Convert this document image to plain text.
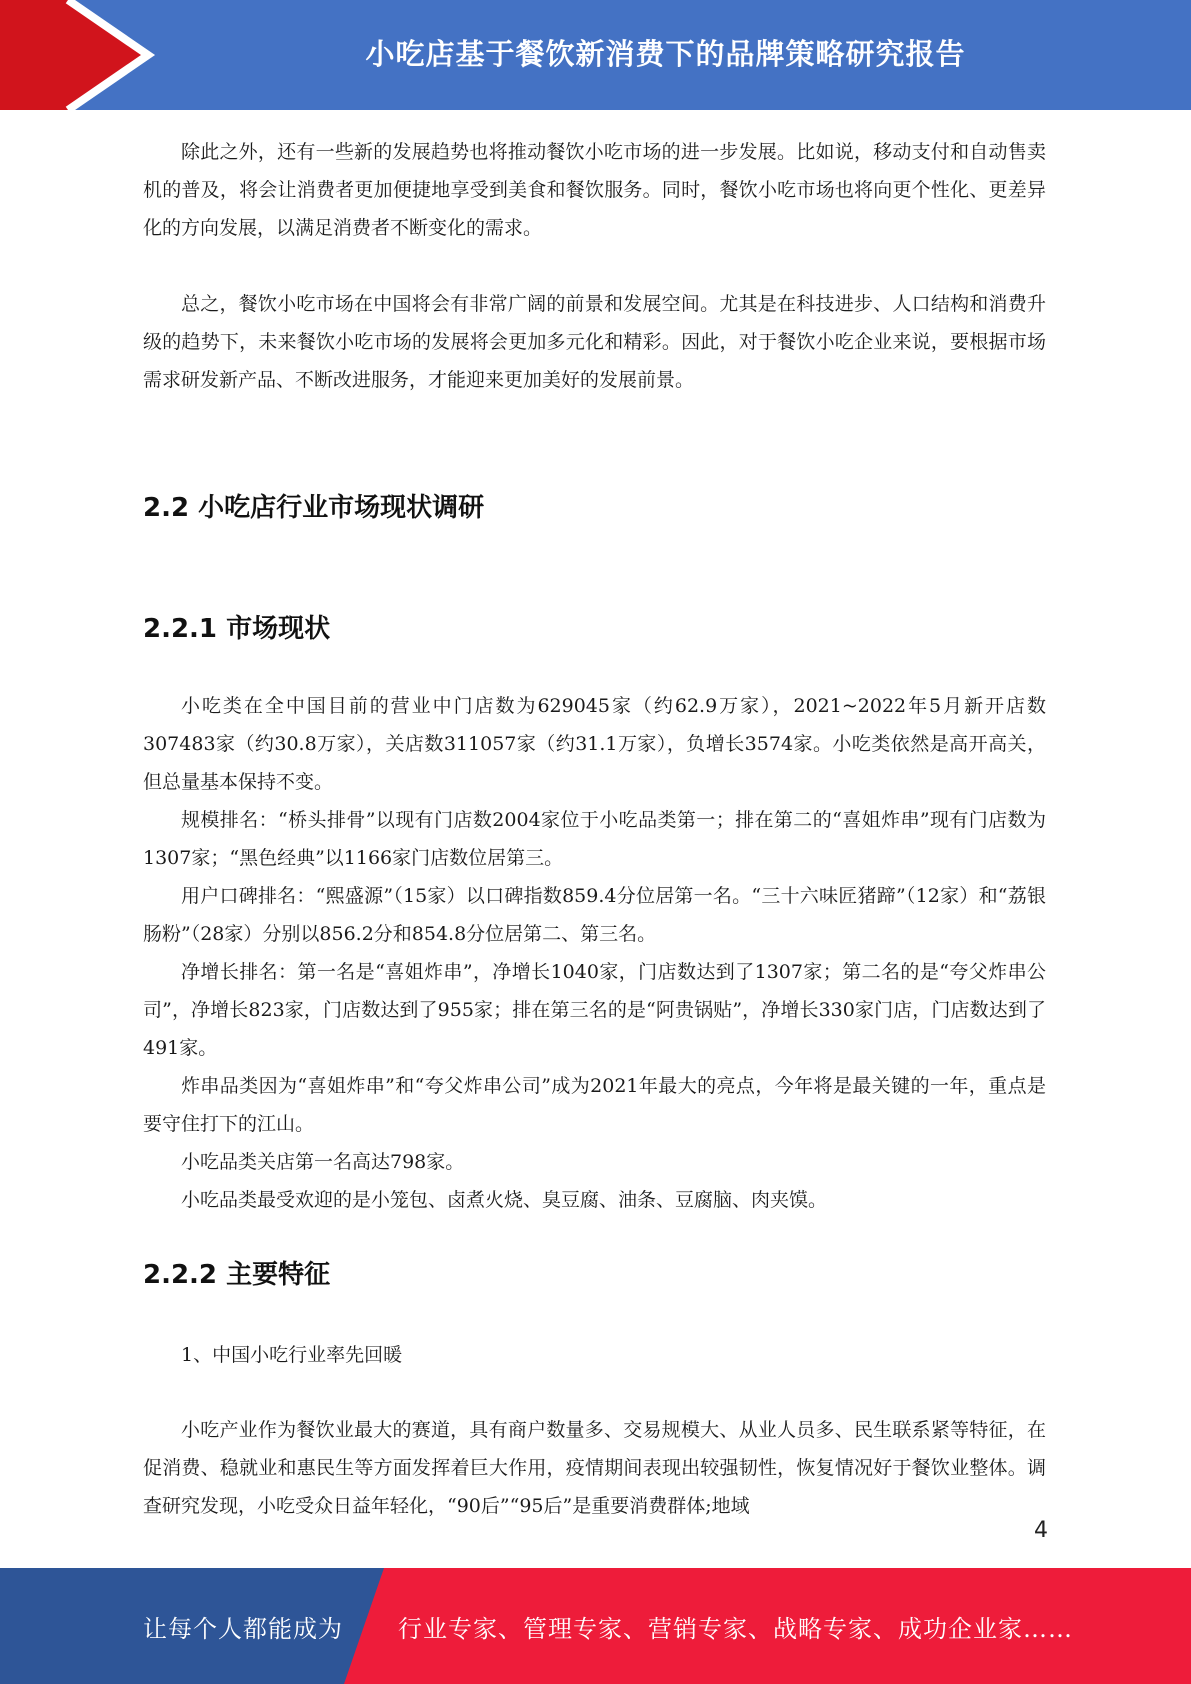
小吃店基于餐饮新消费下的品牌策略研究报告

除此之外，还有一些新的发展趋势也将推动餐饮小吃市场的进一步发展。比如说，移动支付和自动售卖机的普及，将会让消费者更加便捷地享受到美食和餐饮服务。同时，餐饮小吃市场也将向更个性化、更差异化的方向发展，以满足消费者不断变化的需求。

总之，餐饮小吃市场在中国将会有非常广阔的前景和发展空间。尤其是在科技进步、人口结构和消费升级的趋势下，未来餐饮小吃市场的发展将会更加多元化和精彩。因此，对于餐饮小吃企业来说，要根据市场需求研发新产品、不断改进服务，才能迎来更加美好的发展前景。

2.2 小吃店行业市场现状调研
2.2.1 市场现状

小吃类在全中国目前的营业中门店数为629045家（约62.9万家），2021~2022年5月新开店数307483家（约30.8万家），关店数311057家（约31.1万家），负增长3574家。小吃类依然是高开高关，但总量基本保持不变。

规模排名：“桥头排骨”以现有门店数2004家位于小吃品类第一；排在第二的“喜姐炸串”现有门店数为1307家；“黑色经典”以1166家门店数位居第三。

用户口碑排名：“熙盛源”（15家）以口碑指数859.4分位居第一名。“三十六味匠猪蹄”（12家）和“荔银肠粉”（28家）分别以856.2分和854.8分位居第二、第三名。

净增长排名：第一名是“喜姐炸串”，净增长1040家，门店数达到了1307家；第二名的是“夸父炸串公司”，净增长823家，门店数达到了955家；排在第三名的是“阿贵锅贴”，净增长330家门店，门店数达到了491家。

炸串品类因为“喜姐炸串”和“夸父炸串公司”成为2021年最大的亮点，今年将是最关键的一年，重点是要守住打下的江山。

小吃品类关店第一名高达798家。

小吃品类最受欢迎的是小笼包、卤煮火烧、臭豆腐、油条、豆腐脑、肉夹馍。

2.2.2 主要特征

1、中国小吃行业率先回暖

小吃产业作为餐饮业最大的赛道，具有商户数量多、交易规模大、从业人员多、民生联系紧等特征，在促消费、稳就业和惠民生等方面发挥着巨大作用，疫情期间表现出较强韧性，恢复情况好于餐饮业整体。调查研究发现，小吃受众日益年轻化，“90后”“95后”是重要消费群体;地域

4
让每个人都能成为 行业专家、管理专家、营销专家、战略专家、成功企业家……
